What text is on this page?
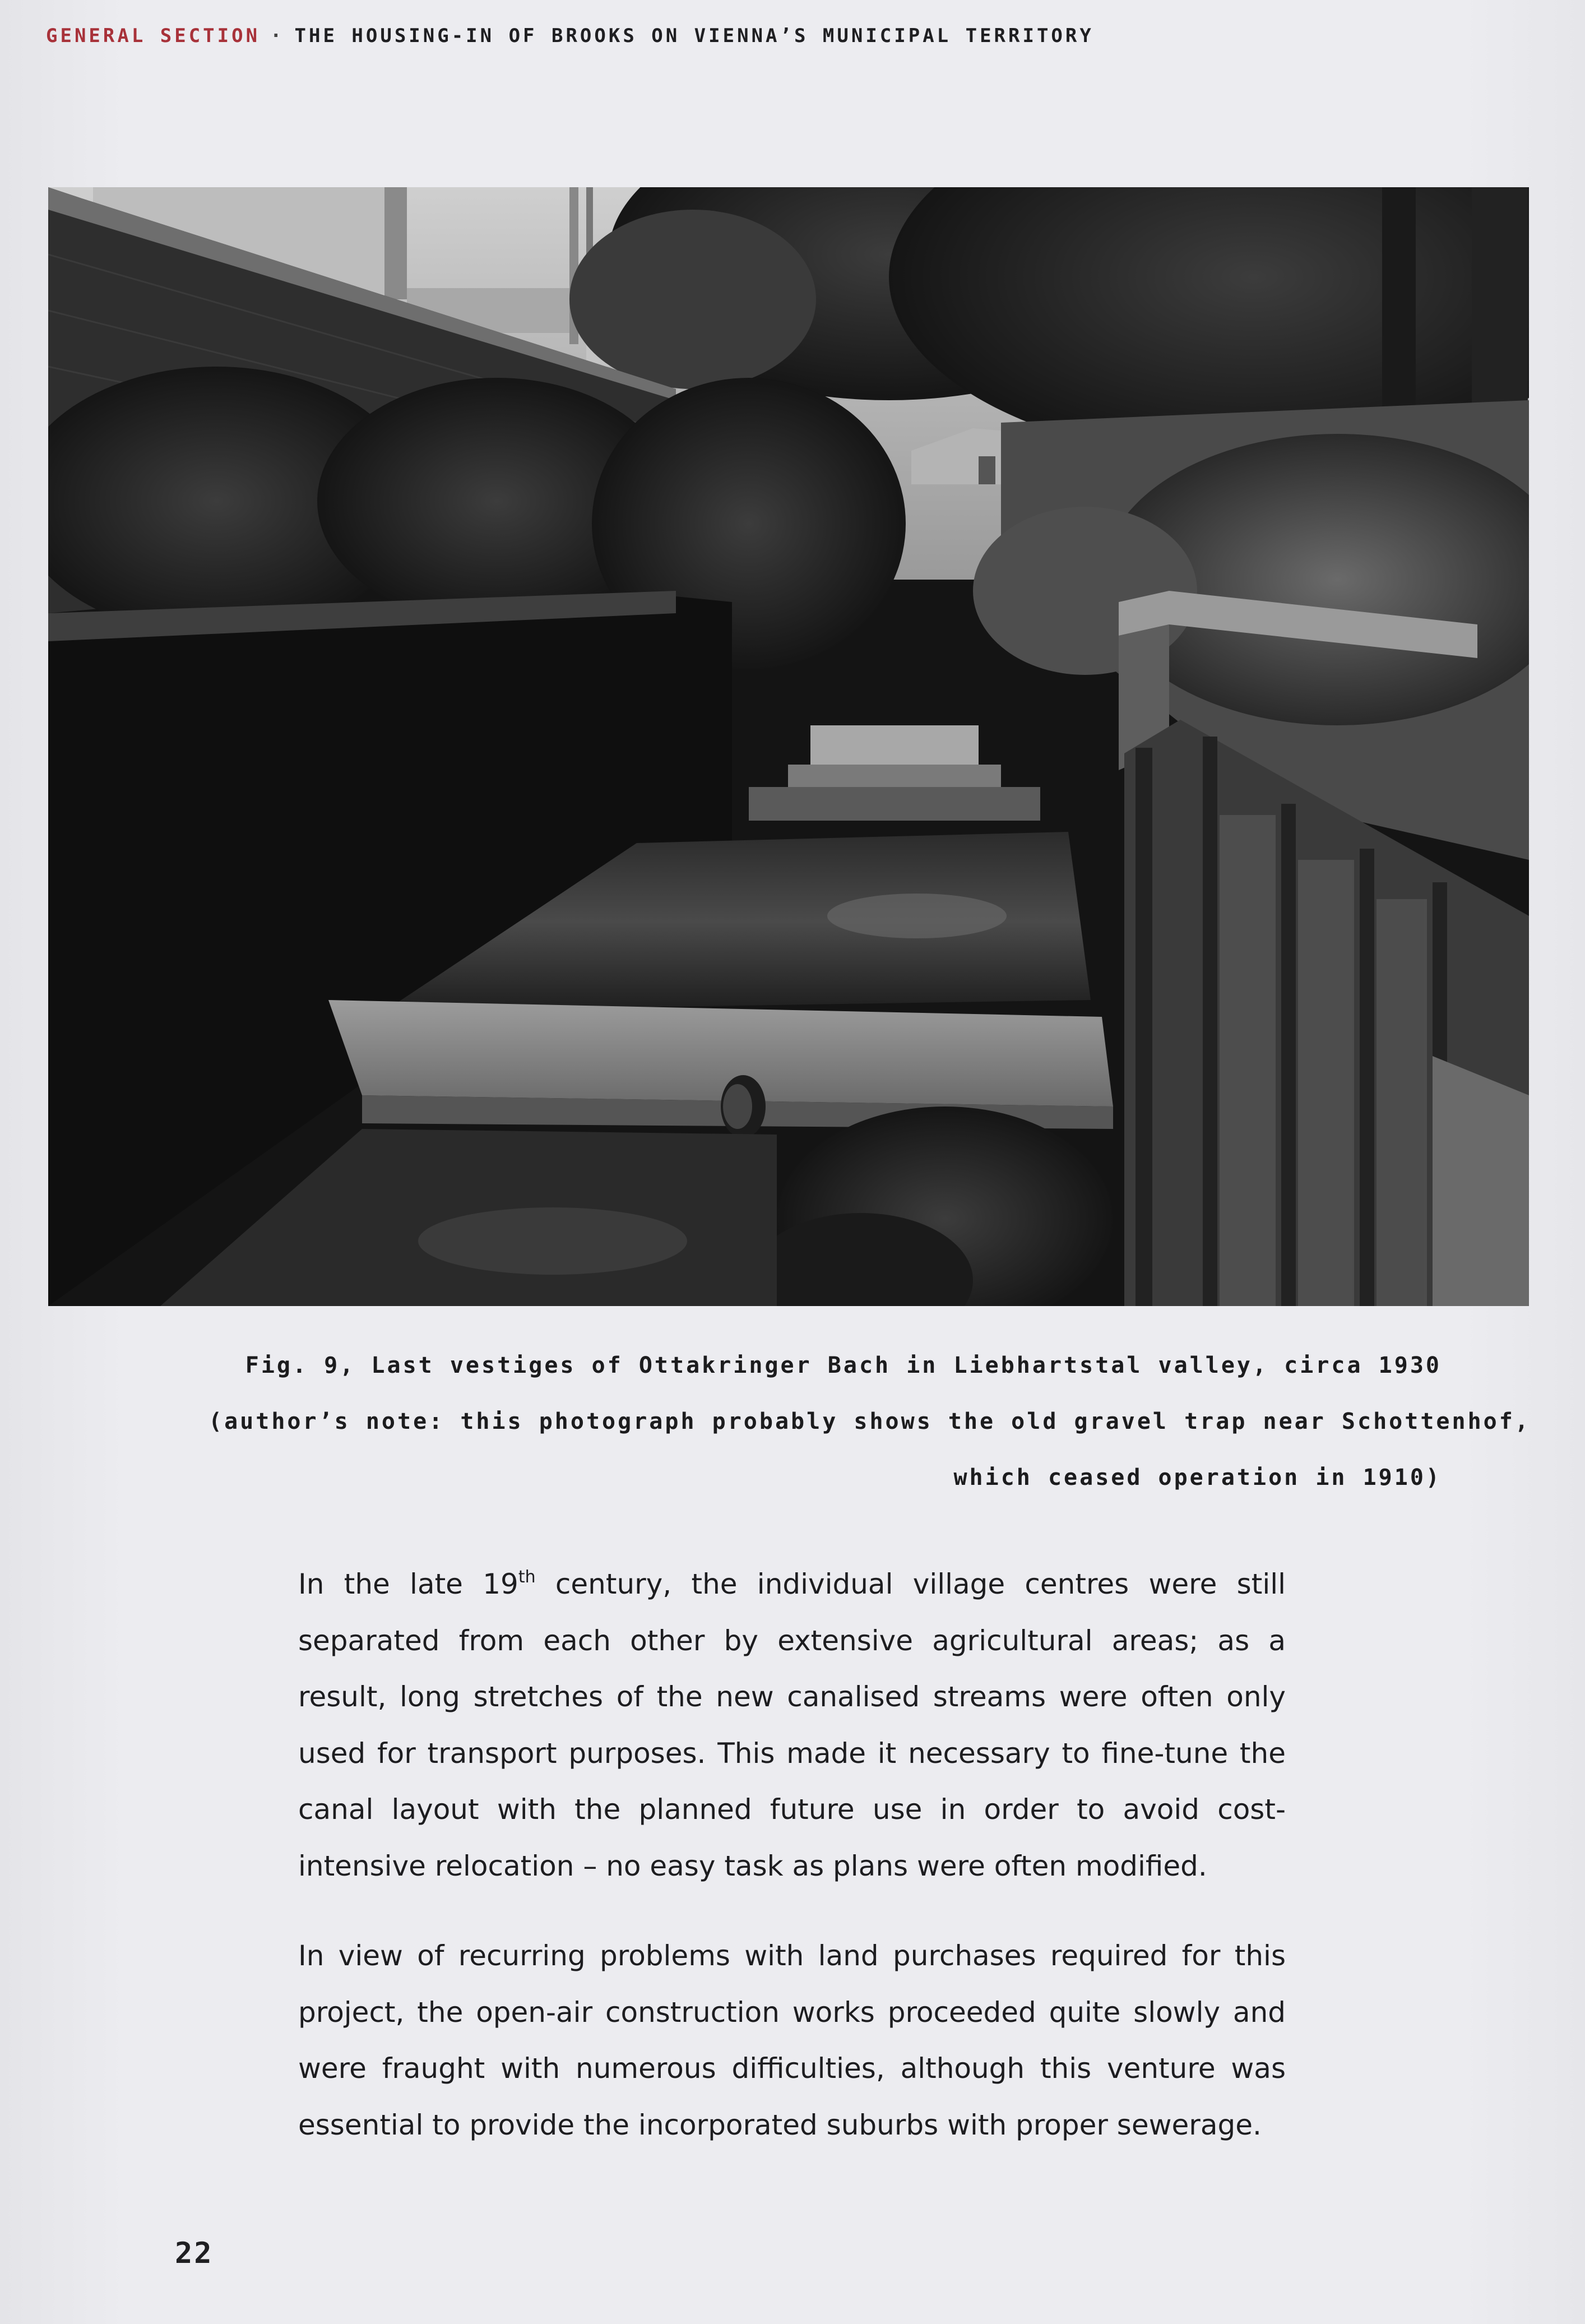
GENERAL SECTION · THE HOUSING-IN OF BROOKS ON VIENNA’S MUNICIPAL TERRITORY
Fig. 9, Last vestiges of Ottakringer Bach in Liebhartstal valley, circa 1930
(author’s note: this photograph probably shows the old gravel trap near Schottenhof,
which ceased operation in 1910)

In the late 19th century, the individual village centres were still separated from each other by extensive agricultural areas; as a result, long stretches of the new canalised streams were often only used for transport purposes. This made it necessary to fine-tune the canal layout with the planned future use in order to avoid cost-intensive relocation – no easy task as plans were often modified.

In view of recurring problems with land purchases required for this project, the open-air construction works proceeded quite slowly and were fraught with numerous difficulties, although this venture was essential to provide the incorporated suburbs with proper sewerage.

22
